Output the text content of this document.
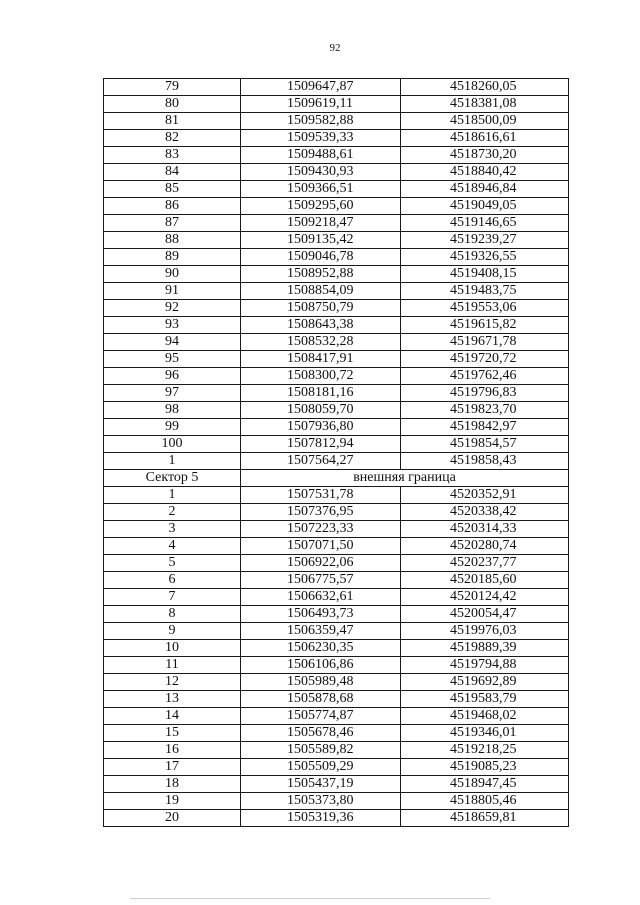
92
79	1509647,87	4518260,05
80	1509619,11	4518381,08
81	1509582,88	4518500,09
82	1509539,33	4518616,61
83	1509488,61	4518730,20
84	1509430,93	4518840,42
85	1509366,51	4518946,84
86	1509295,60	4519049,05
87	1509218,47	4519146,65
88	1509135,42	4519239,27
89	1509046,78	4519326,55
90	1508952,88	4519408,15
91	1508854,09	4519483,75
92	1508750,79	4519553,06
93	1508643,38	4519615,82
94	1508532,28	4519671,78
95	1508417,91	4519720,72
96	1508300,72	4519762,46
97	1508181,16	4519796,83
98	1508059,70	4519823,70
99	1507936,80	4519842,97
100	1507812,94	4519854,57
1	1507564,27	4519858,43
Сектор 5	внешняя граница	
1	1507531,78	4520352,91
2	1507376,95	4520338,42
3	1507223,33	4520314,33
4	1507071,50	4520280,74
5	1506922,06	4520237,77
6	1506775,57	4520185,60
7	1506632,61	4520124,42
8	1506493,73	4520054,47
9	1506359,47	4519976,03
10	1506230,35	4519889,39
11	1506106,86	4519794,88
12	1505989,48	4519692,89
13	1505878,68	4519583,79
14	1505774,87	4519468,02
15	1505678,46	4519346,01
16	1505589,82	4519218,25
17	1505509,29	4519085,23
18	1505437,19	4518947,45
19	1505373,80	4518805,46
20	1505319,36	4518659,81
